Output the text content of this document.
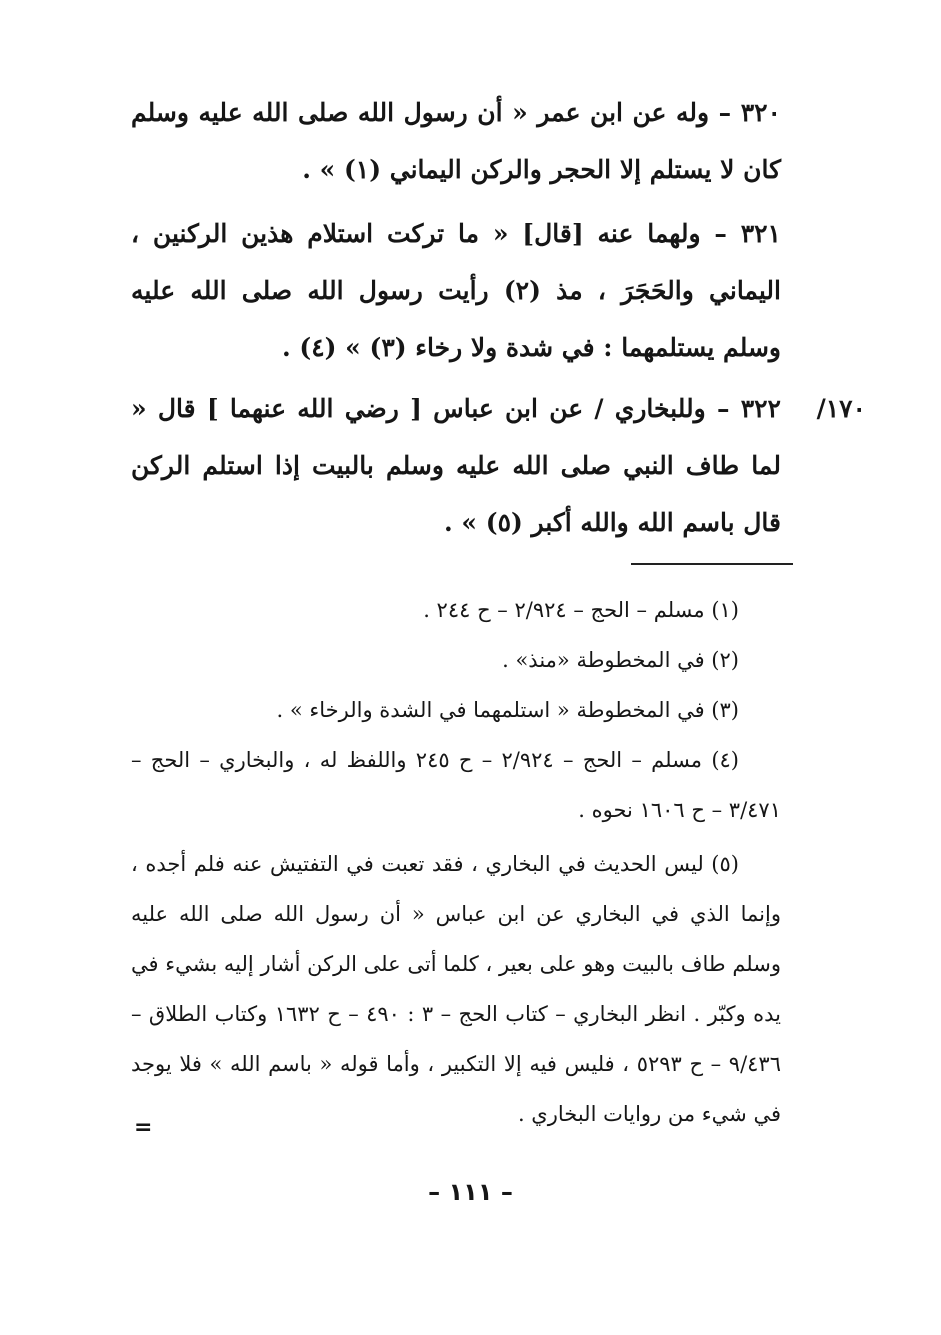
٣٢٠ – وله عن ابن عمر « أن رسول الله صلى الله عليه وسلم كان لا يستلم إلا الحجر والركن اليماني (١) » .

٣٢١ – ولهما عنه [قال] « ما تركت استلام هذين الركنين ، اليماني والحَجَرَ ، مذ (٢) رأيت رسول الله صلى الله عليه وسلم يستلمهما : في شدة ولا رخاء (٣) » (٤) .

١٧٠/

٣٢٢ – وللبخاري / عن ابن عباس [ رضي الله عنهما ] قال « لما طاف النبي صلى الله عليه وسلم بالبيت إذا استلم الركن قال باسم الله والله أكبر (٥) » .

(١) مسلم – الحج – ٢/٩٢٤ – ح ٢٤٤ .

(٢) في المخطوطة «منذ» .

(٣) في المخطوطة « استلمهما في الشدة والرخاء » .

(٤) مسلم – الحج – ٢/٩٢٤ – ح ٢٤٥ واللفظ له ، والبخاري – الحج – ٣/٤٧١ – ح ١٦٠٦ نحوه .

(٥) ليس الحديث في البخاري ، فقد تعبت في التفتيش عنه فلم أجده ، وإنما الذي في البخاري عن ابن عباس « أن رسول الله صلى الله عليه وسلم طاف بالبيت وهو على بعير ، كلما أتى على الركن أشار إليه بشيء في يده وكبّر . انظر البخاري – كتاب الحج – ٣ : ٤٩٠ – ح ١٦٣٢ وكتاب الطلاق – ٩/٤٣٦ – ح ٥٢٩٣ ، فليس فيه إلا التكبير ، وأما قوله « باسم الله » فلا يوجد في شيء من روايات البخاري .

=
– ١١١ –
